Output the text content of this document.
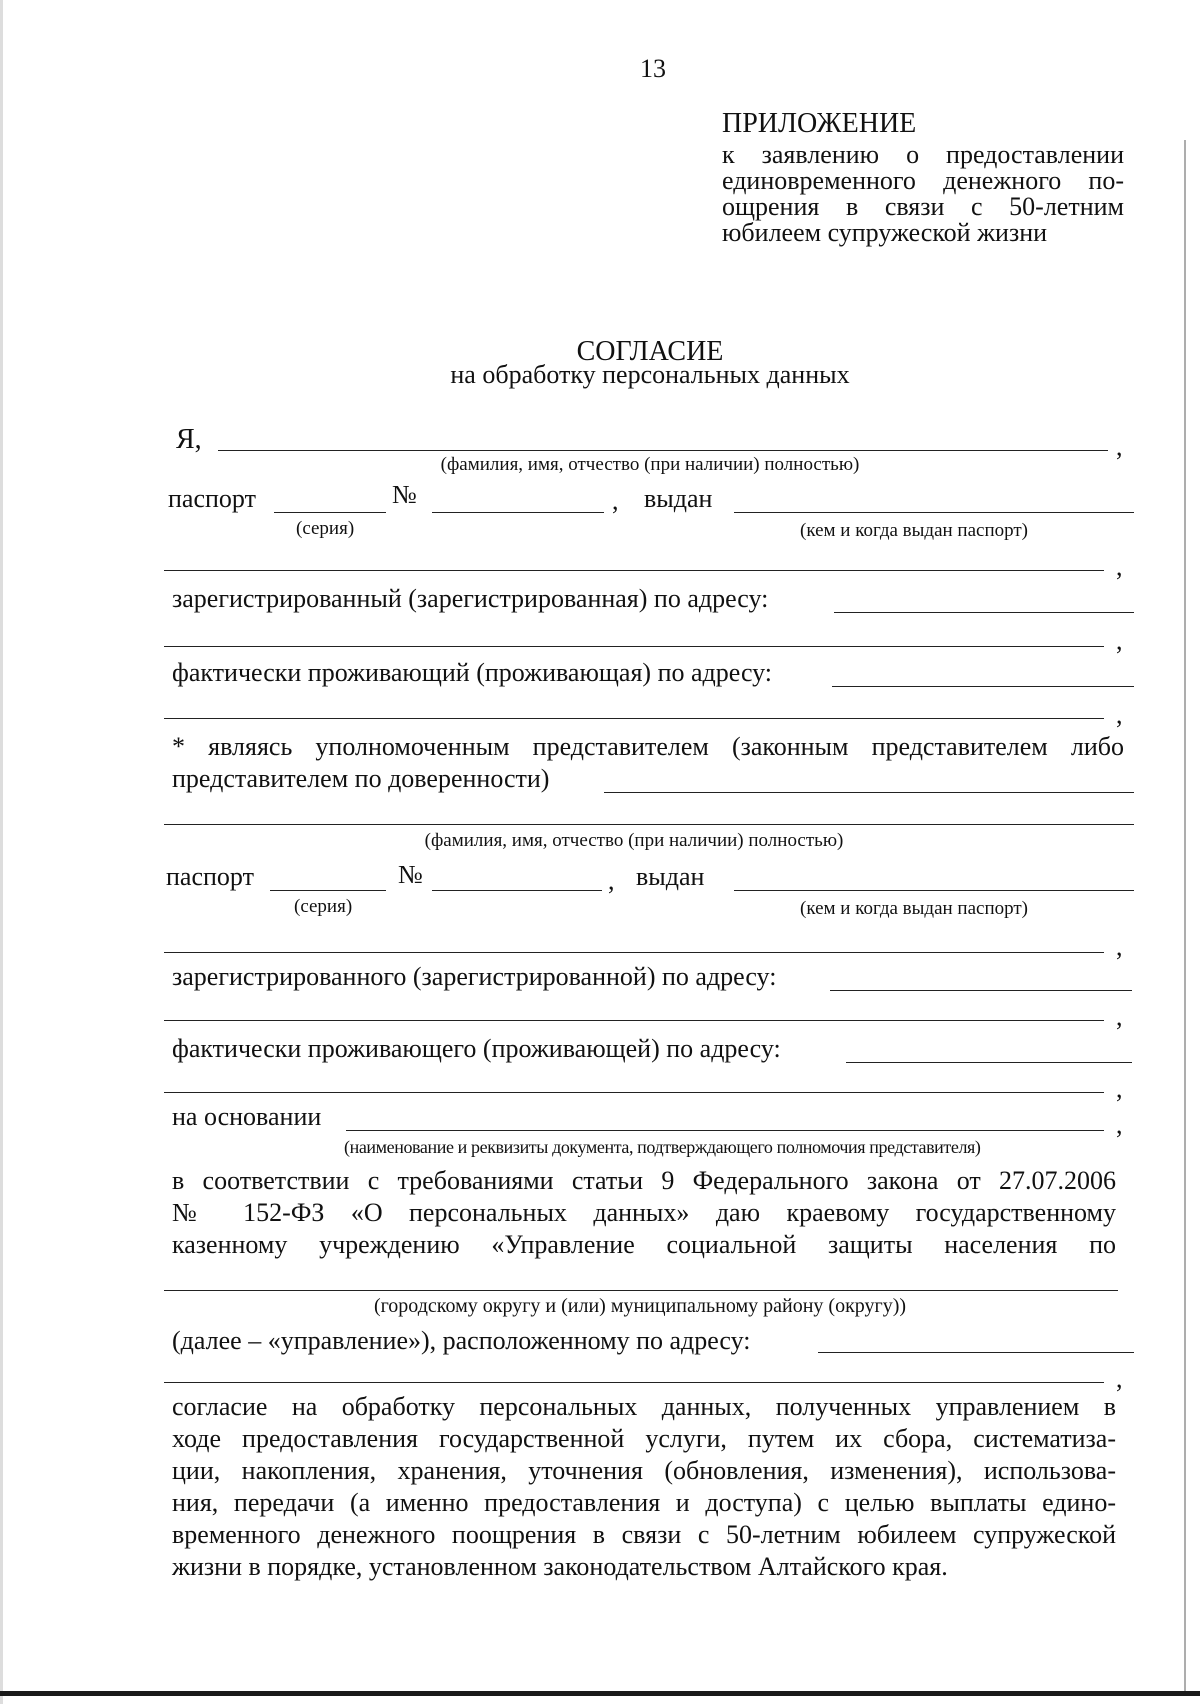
13
ПРИЛОЖЕНИЕ
к заявлению о предоставлении
единовременного денежного по-
ощрения в связи с 50-летним
юбилеем супружеской жизни
СОГЛАСИЕ
на обработку персональных данных
Я,	,
(фамилия, имя, отчество (при наличии) полностью)
паспорт	№	, выдан
(серия)	(кем и когда выдан паспорт)
,
зарегистрированный (зарегистрированная) по адресу:
,
фактически проживающий (проживающая) по адресу:
,
* являясь уполномоченным представителем (законным представителем либо
представителем по доверенности)
(фамилия, имя, отчество (при наличии) полностью)
паспорт	№	, выдан
(серия)	(кем и когда выдан паспорт)
,
зарегистрированного (зарегистрированной) по адресу:
,
фактически проживающего (проживающей) по адресу:
,
на основании	,
(наименование и реквизиты документа, подтверждающего полномочия представителя)
в соответствии с требованиями статьи 9 Федерального закона от 27.07.2006
№ 152-ФЗ «О персональных данных» даю краевому государственному
казенному учреждению «Управление социальной защиты населения по
(городскому округу и (или) муниципальному району (округу))
(далее – «управление»), расположенному по адресу:
,
согласие на обработку персональных данных, полученных управлением в
ходе предоставления государственной услуги, путем их сбора, систематиза-
ции, накопления, хранения, уточнения (обновления, изменения), использова-
ния, передачи (а именно предоставления и доступа) с целью выплаты едино-
временного денежного поощрения в связи с 50-летним юбилеем супружеской
жизни в порядке, установленном законодательством Алтайского края.
